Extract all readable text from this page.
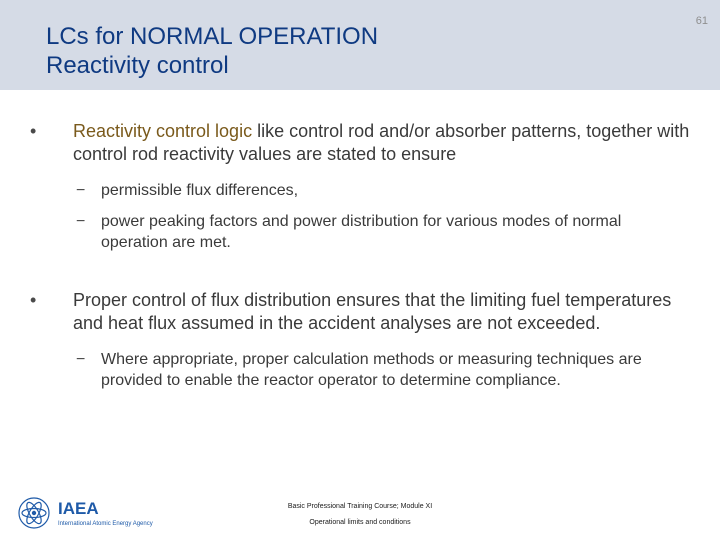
LCs for NORMAL OPERATION
Reactivity control
61
•	Reactivity control logic like control rod and/or absorber patterns, together with control rod reactivity values are stated to ensure
− permissible flux differences,
− power peaking factors and power distribution for various modes of normal operation are met.
•	Proper control of flux distribution ensures that the limiting fuel temperatures and heat flux assumed in the accident analyses are not exceeded.
− Where appropriate, proper calculation methods or measuring techniques are provided to enable the reactor operator to determine compliance.
IAEA
International Atomic Energy Agency
Basic Professional Training Course; Module XI
Operational limits and conditions
